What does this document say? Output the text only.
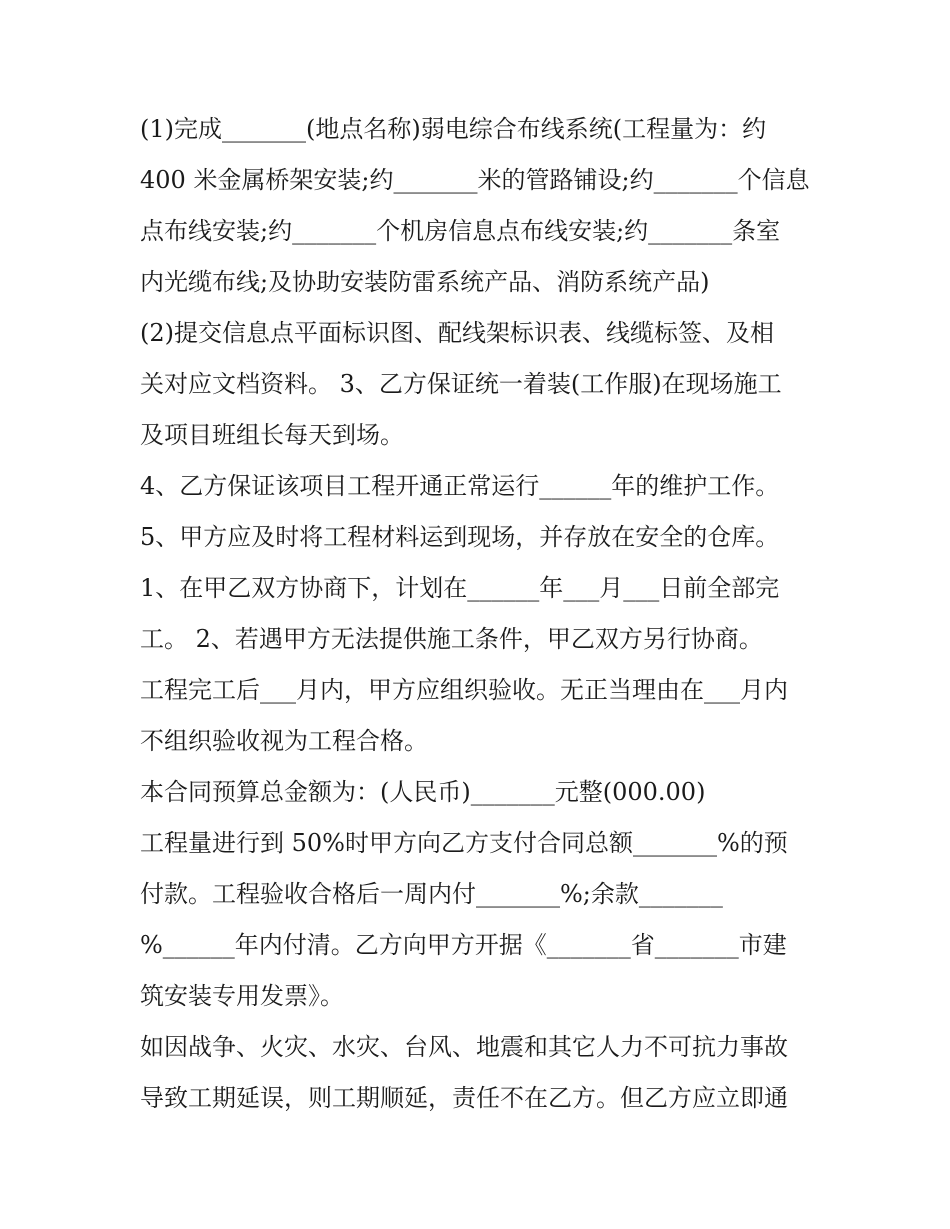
(1)完成_______(地点名称)弱电综合布线系统(工程量为：约
400 米金属桥架安装;约_______米的管路铺设;约_______个信息
点布线安装;约_______个机房信息点布线安装;约_______条室
内光缆布线;及协助安装防雷系统产品、消防系统产品)
(2)提交信息点平面标识图、配线架标识表、线缆标签、及相
关对应文档资料。 3、乙方保证统一着装(工作服)在现场施工
及项目班组长每天到场。
4、乙方保证该项目工程开通正常运行______年的维护工作。
5、甲方应及时将工程材料运到现场，并存放在安全的仓库。
1、在甲乙双方协商下，计划在______年___月___日前全部完
工。 2、若遇甲方无法提供施工条件，甲乙双方另行协商。
工程完工后___月内，甲方应组织验收。无正当理由在___月内
不组织验收视为工程合格。
本合同预算总金额为：(人民币)_______元整(000.00)
工程量进行到 50%时甲方向乙方支付合同总额_______%的预
付款。工程验收合格后一周内付_______%;余款_______
%______年内付清。乙方向甲方开据《_______省_______市建
筑安装专用发票》。
如因战争、火灾、水灾、台风、地震和其它人力不可抗力事故
导致工期延误，则工期顺延，责任不在乙方。但乙方应立即通
